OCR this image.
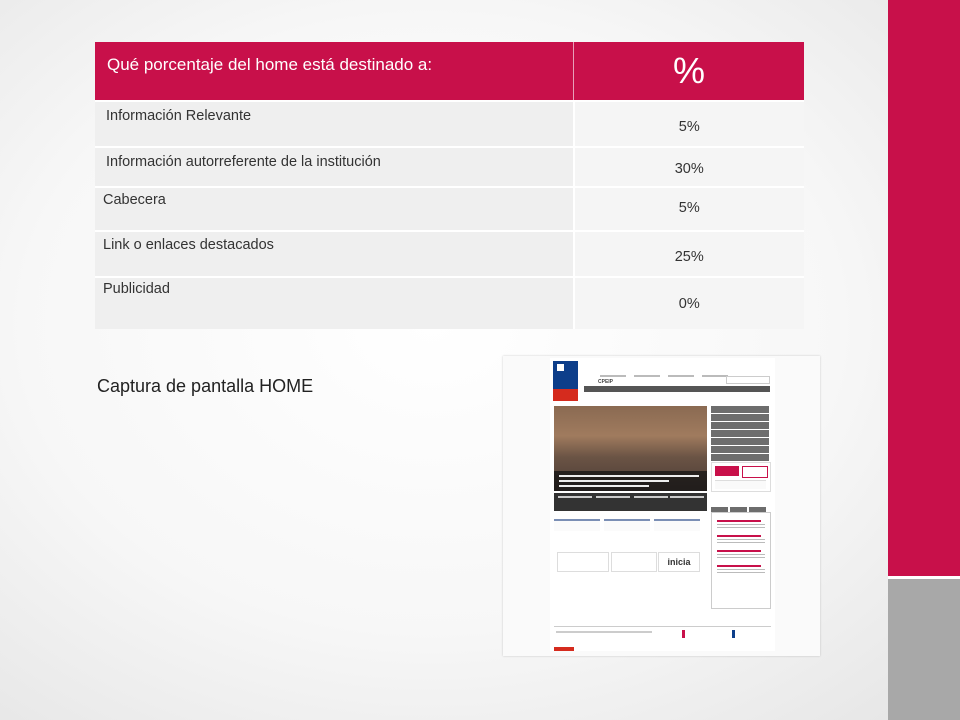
Qué porcentaje del home está destinado a:	%

Información Relevante	5%

Información autorreferente de la institución	30%

Cabecera	5%

Link o enlaces destacados	25%

Publicidad	0%
Captura de pantalla HOME	CPEIP
inicia
